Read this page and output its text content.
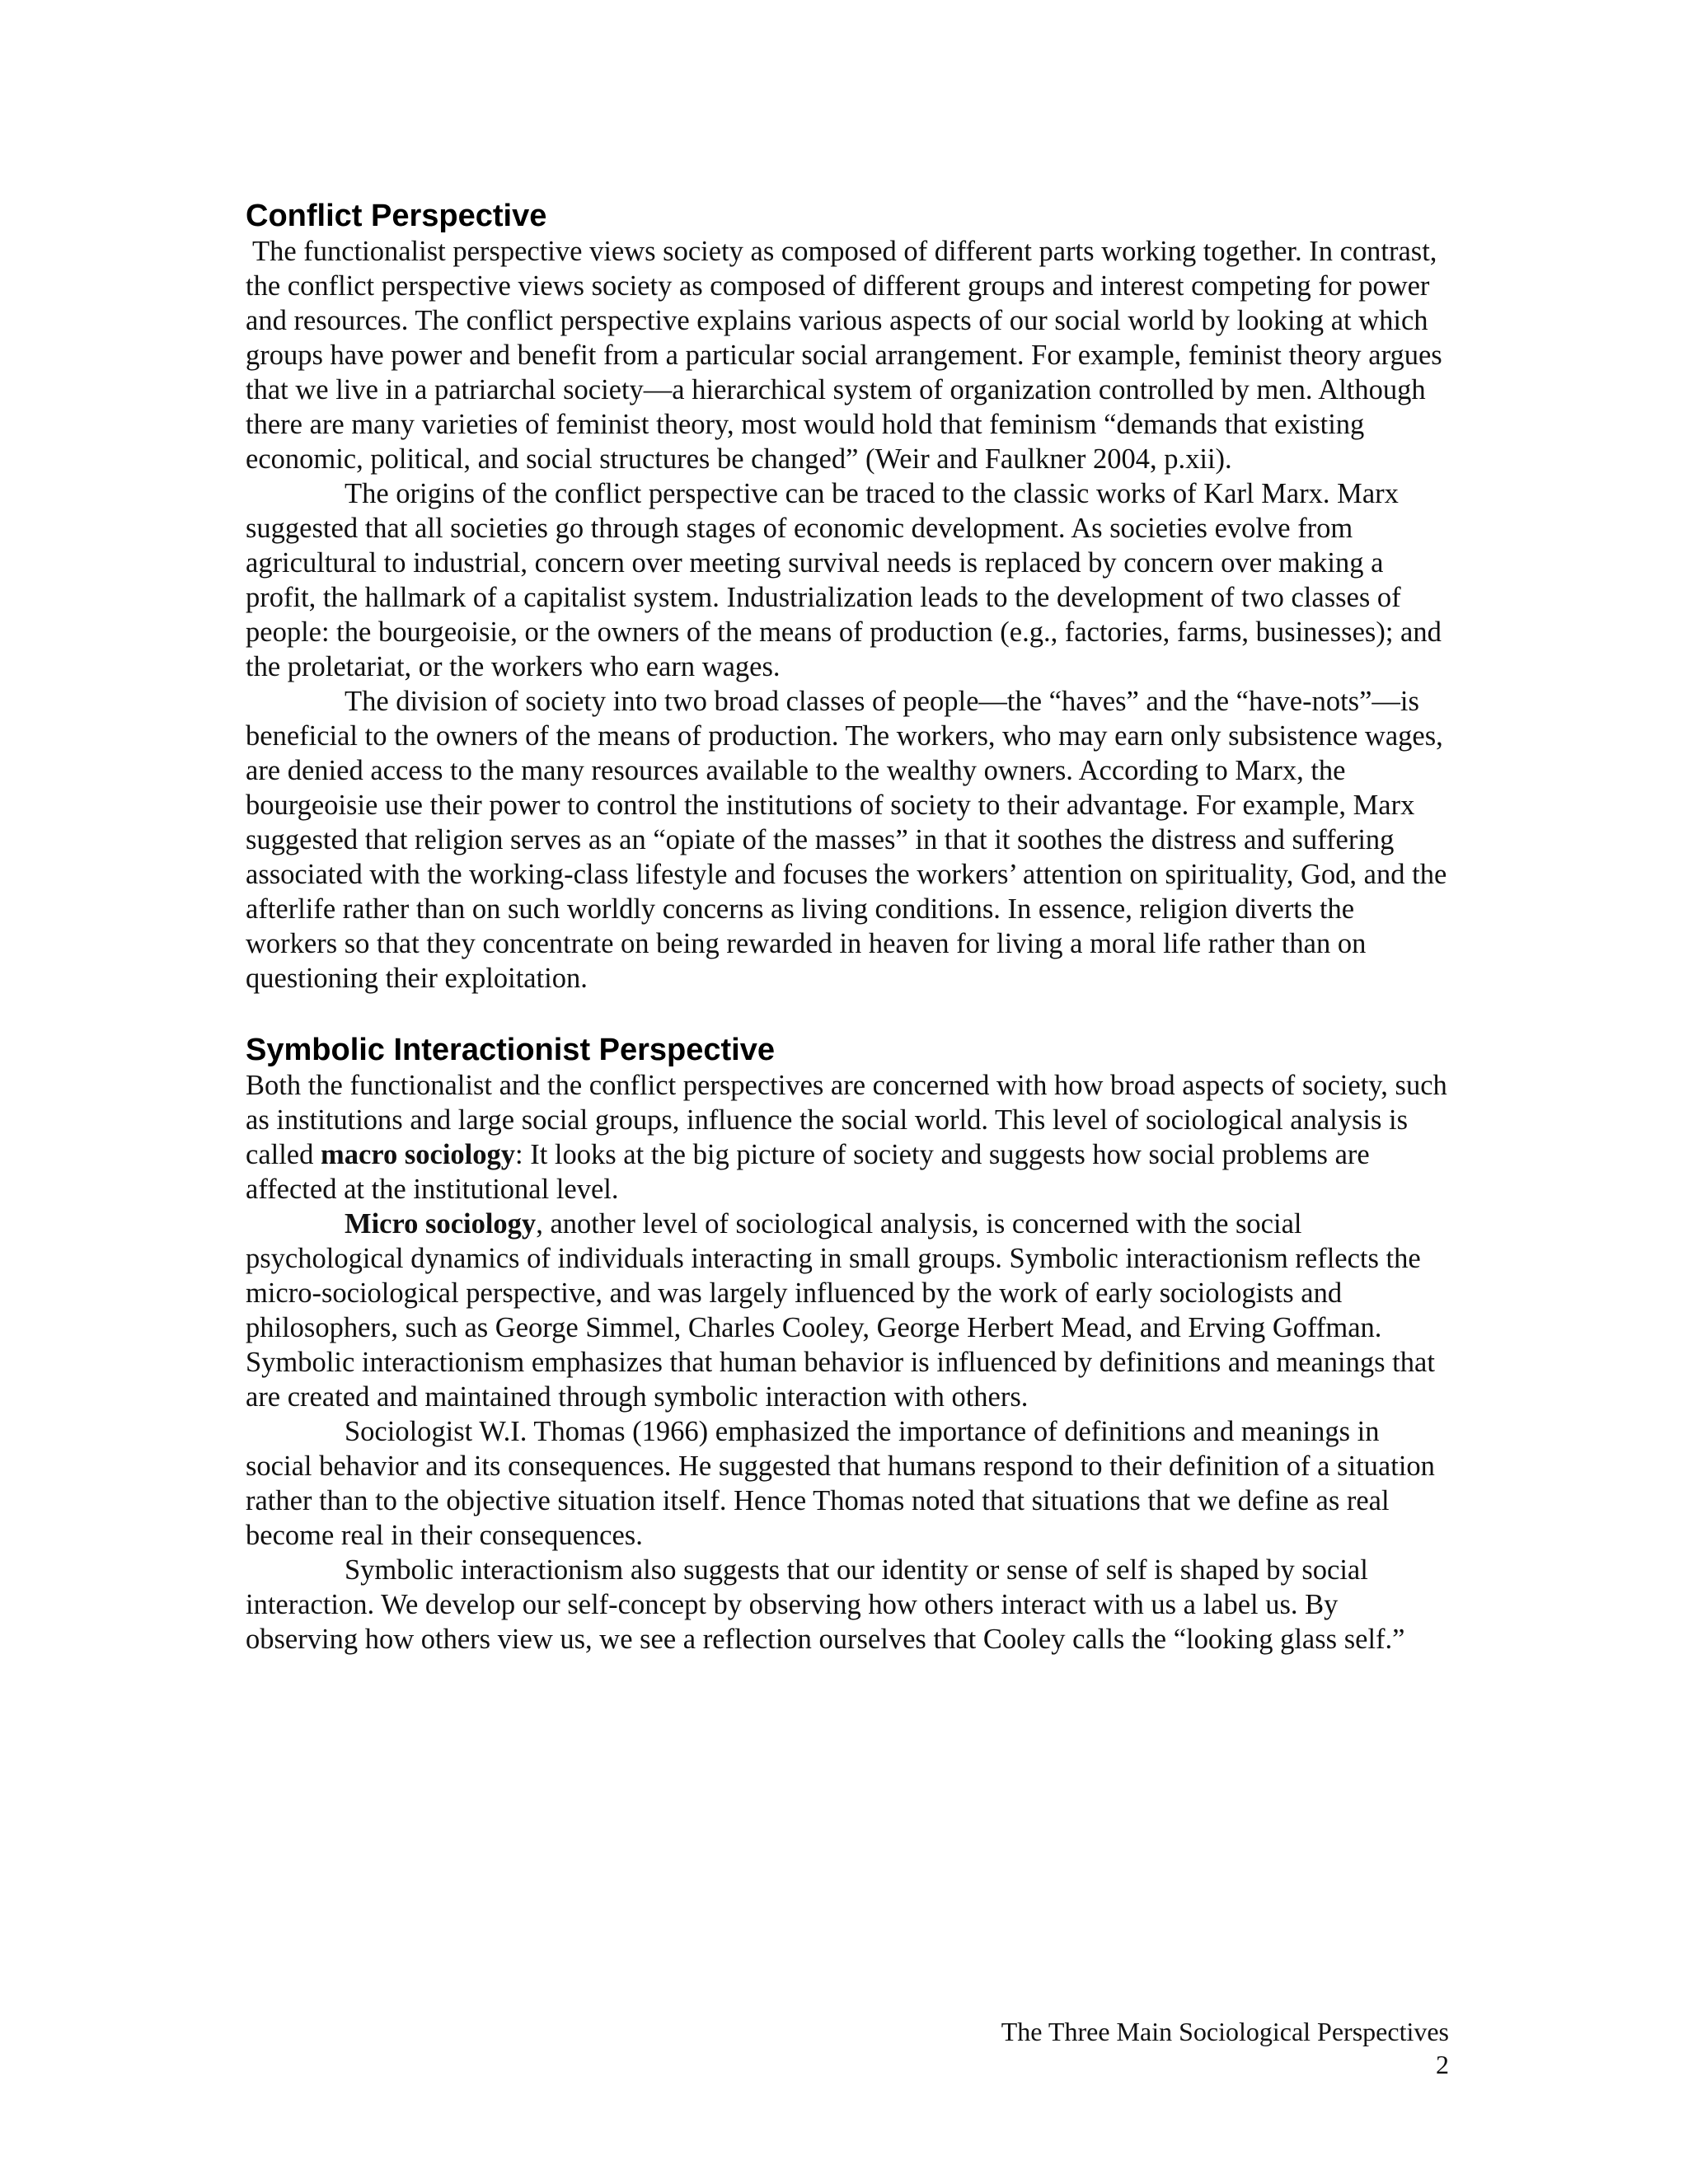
Conflict Perspective

The functionalist perspective views society as composed of different parts working together. In contrast, the conflict perspective views society as composed of different groups and interest competing for power and resources. The conflict perspective explains various aspects of our social world by looking at which groups have power and benefit from a particular social arrangement. For example, feminist theory argues that we live in a patriarchal society—a hierarchical system of organization controlled by men. Although there are many varieties of feminist theory, most would hold that feminism “demands that existing economic, political, and social structures be changed” (Weir and Faulkner 2004, p.xii).

The origins of the conflict perspective can be traced to the classic works of Karl Marx. Marx suggested that all societies go through stages of economic development. As societies evolve from agricultural to industrial, concern over meeting survival needs is replaced by concern over making a profit, the hallmark of a capitalist system. Industrialization leads to the development of two classes of people: the bourgeoisie, or the owners of the means of production (e.g., factories, farms, businesses); and the proletariat, or the workers who earn wages.

The division of society into two broad classes of people—the “haves” and the “have-nots”—is beneficial to the owners of the means of production. The workers, who may earn only subsistence wages, are denied access to the many resources available to the wealthy owners. According to Marx, the bourgeoisie use their power to control the institutions of society to their advantage. For example, Marx suggested that religion serves as an “opiate of the masses” in that it soothes the distress and suffering associated with the working-class lifestyle and focuses the workers’ attention on spirituality, God, and the afterlife rather than on such worldly concerns as living conditions. In essence, religion diverts the workers so that they concentrate on being rewarded in heaven for living a moral life rather than on questioning their exploitation.

Symbolic Interactionist Perspective

Both the functionalist and the conflict perspectives are concerned with how broad aspects of society, such as institutions and large social groups, influence the social world. This level of sociological analysis is called macro sociology: It looks at the big picture of society and suggests how social problems are affected at the institutional level.

Micro sociology, another level of sociological analysis, is concerned with the social psychological dynamics of individuals interacting in small groups. Symbolic interactionism reflects the micro-sociological perspective, and was largely influenced by the work of early sociologists and philosophers, such as George Simmel, Charles Cooley, George Herbert Mead, and Erving Goffman. Symbolic interactionism emphasizes that human behavior is influenced by definitions and meanings that are created and maintained through symbolic interaction with others.

Sociologist W.I. Thomas (1966) emphasized the importance of definitions and meanings in social behavior and its consequences. He suggested that humans respond to their definition of a situation rather than to the objective situation itself. Hence Thomas noted that situations that we define as real become real in their consequences.

Symbolic interactionism also suggests that our identity or sense of self is shaped by social interaction. We develop our self-concept by observing how others interact with us a label us. By observing how others view us, we see a reflection ourselves that Cooley calls the “looking glass self.”

The Three Main Sociological Perspectives
2
